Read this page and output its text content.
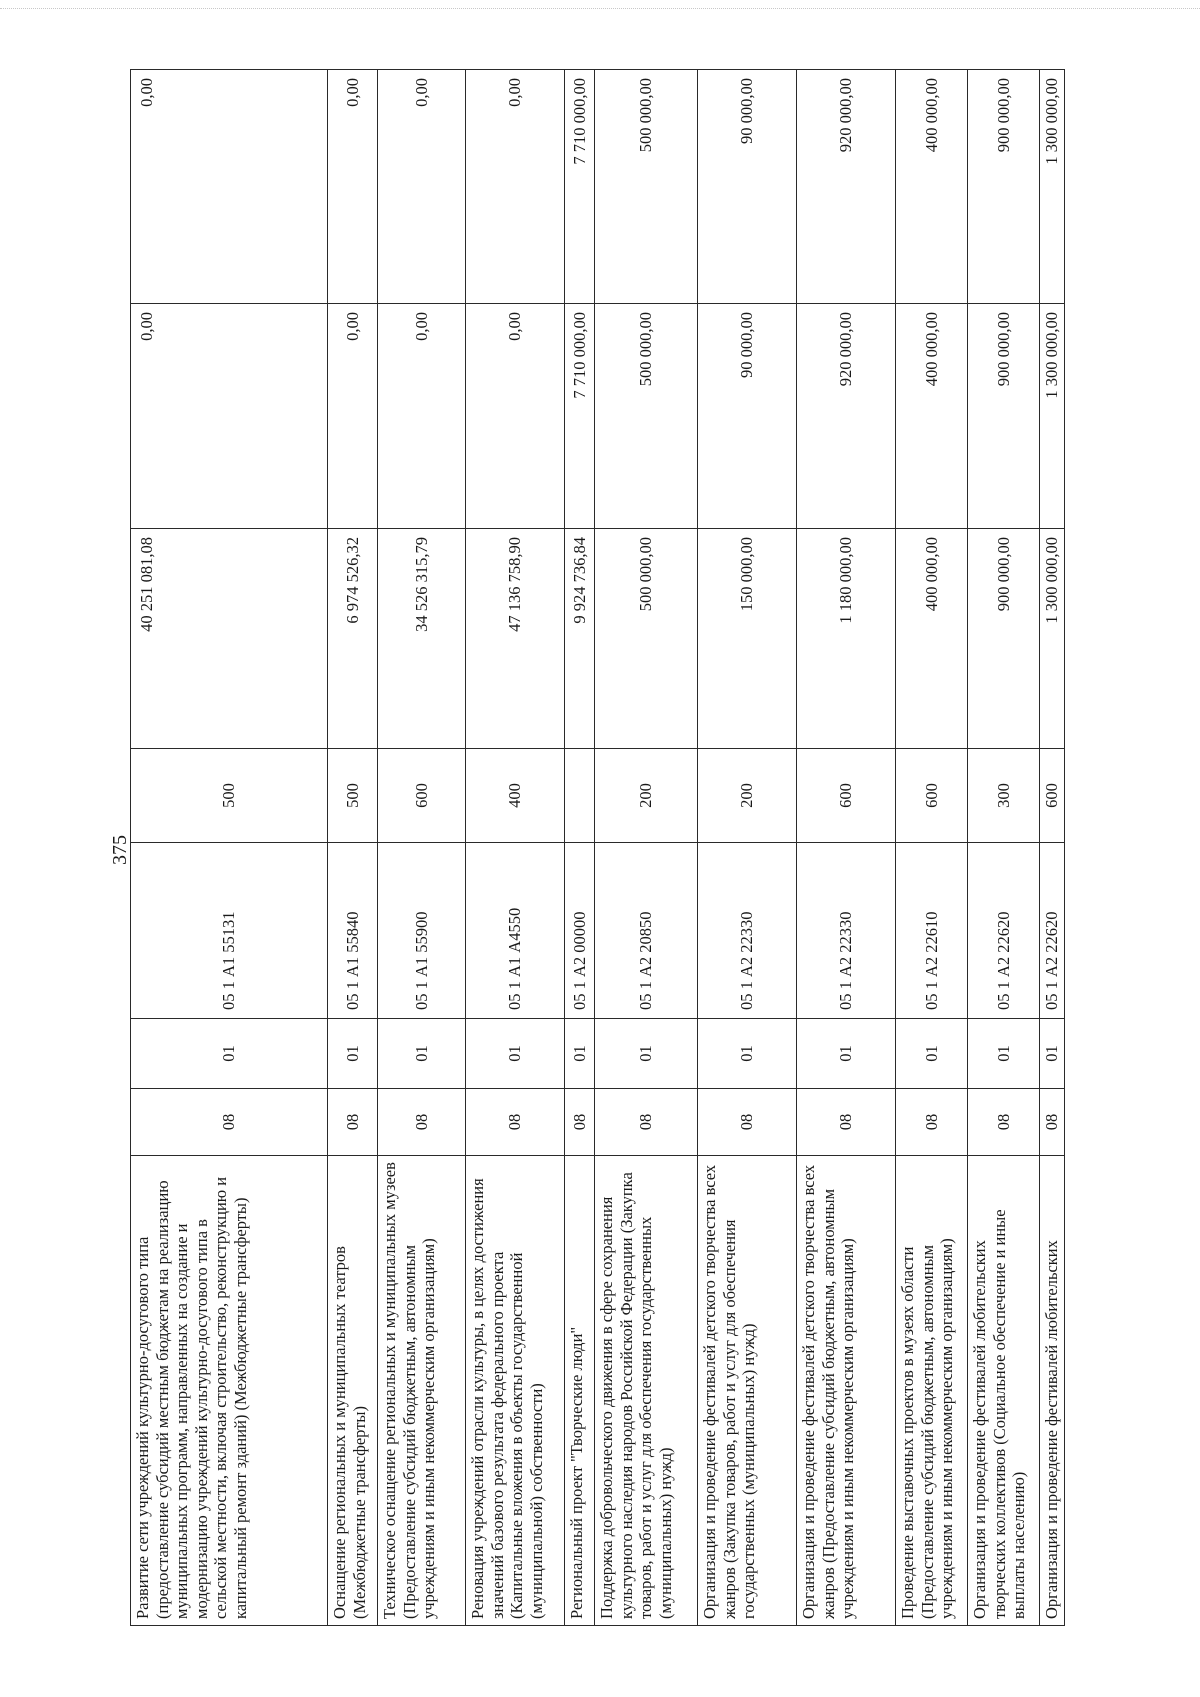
375
Развитие сети учреждений культурно-досугового типа (предоставление субсидий местным бюджетам на реализацию муниципальных программ, направленных на создание и модернизацию учреждений культурно-досугового типа в сельской местности, включая строительство, реконструкцию и капитальный ремонт зданий) (Межбюджетные трансферты)	08	01	05 1 А1 55131	500	40 251 081,08	0,00	0,00
Оснащение региональных и муниципальных театров (Межбюджетные трансферты)	08	01	05 1 А1 55840	500	6 974 526,32	0,00	0,00
Техническое оснащение региональных и муниципальных музеев (Предоставление субсидий бюджетным, автономным учреждениям и иным некоммерческим организациям)	08	01	05 1 А1 55900	600	34 526 315,79	0,00	0,00
Реновация учреждений отрасли культуры, в целях достижения значений базового результата федерального проекта (Капитальные вложения в объекты государственной (муниципальной) собственности)	08	01	05 1 А1 А4550	400	47 136 758,90	0,00	0,00
Региональный проект "Творческие люди"	08	01	05 1 А2 00000		9 924 736,84	7 710 000,00	7 710 000,00
Поддержка добровольческого движения в сфере сохранения культурного наследия народов Российской Федерации (Закупка товаров, работ и услуг для обеспечения государственных (муниципальных) нужд)	08	01	05 1 А2 20850	200	500 000,00	500 000,00	500 000,00
Организация и проведение фестивалей детского творчества всех жанров (Закупка товаров, работ и услуг для обеспечения государственных (муниципальных) нужд)	08	01	05 1 А2 22330	200	150 000,00	90 000,00	90 000,00
Организация и проведение фестивалей детского творчества всех жанров (Предоставление субсидий бюджетным, автономным учреждениям и иным некоммерческим организациям)	08	01	05 1 А2 22330	600	1 180 000,00	920 000,00	920 000,00
Проведение выставочных проектов в музеях области (Предоставление субсидий бюджетным, автономным учреждениям и иным некоммерческим организациям)	08	01	05 1 А2 22610	600	400 000,00	400 000,00	400 000,00
Организация и проведение фестивалей любительских творческих коллективов (Социальное обеспечение и иные выплаты населению)	08	01	05 1 А2 22620	300	900 000,00	900 000,00	900 000,00
Организация и проведение фестивалей любительских	08	01	05 1 А2 22620	600	1 300 000,00	1 300 000,00	1 300 000,00
